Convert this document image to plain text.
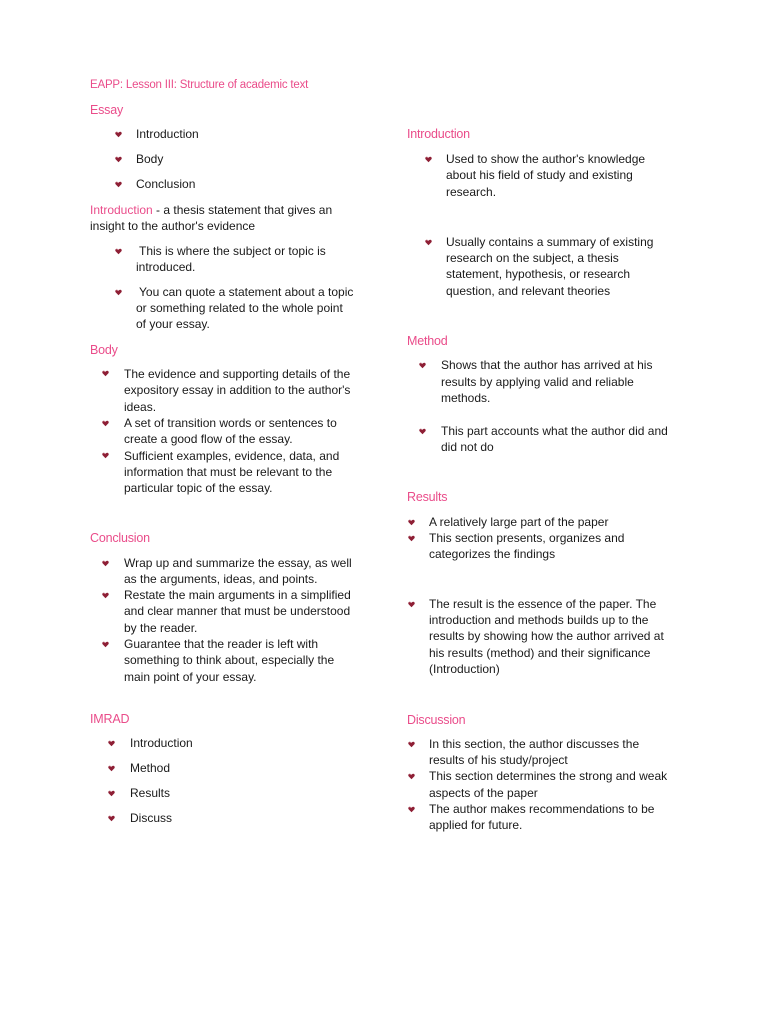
EAPP: Lesson III: Structure of academic text
Essay
Introduction
Body
Conclusion
Introduction - a thesis statement that gives an
insight to the author's evidence
This is where the subject or topic is
introduced.
You can quote a statement about a topic
or something related to the whole point
of your essay.
Body
The evidence and supporting details of the
expository essay in addition to the author's
ideas.
A set of transition words or sentences to
create a good flow of the essay.
Sufficient examples, evidence, data, and
information that must be relevant to the
particular topic of the essay.
Conclusion
Wrap up and summarize the essay, as well
as the arguments, ideas, and points.
Restate the main arguments in a simplified
and clear manner that must be understood
by the reader.
Guarantee that the reader is left with
something to think about, especially the
main point of your essay.
IMRAD
Introduction
Method
Results
Discuss
Introduction
Used to show the author's knowledge
about his field of study and existing
research.
Usually contains a summary of existing
research on the subject, a thesis
statement, hypothesis, or research
question, and relevant theories
Method
Shows that the author has arrived at his
results by applying valid and reliable
methods.
This part accounts what the author did and
did not do
Results
A relatively large part of the paper
This section presents, organizes and
categorizes the findings
The result is the essence of the paper. The
introduction and methods builds up to the
results by showing how the author arrived at
his results (method) and their significance
(Introduction)
Discussion
In this section, the author discusses the
results of his study/project
This section determines the strong and weak
aspects of the paper
The author makes recommendations to be
applied for future.
